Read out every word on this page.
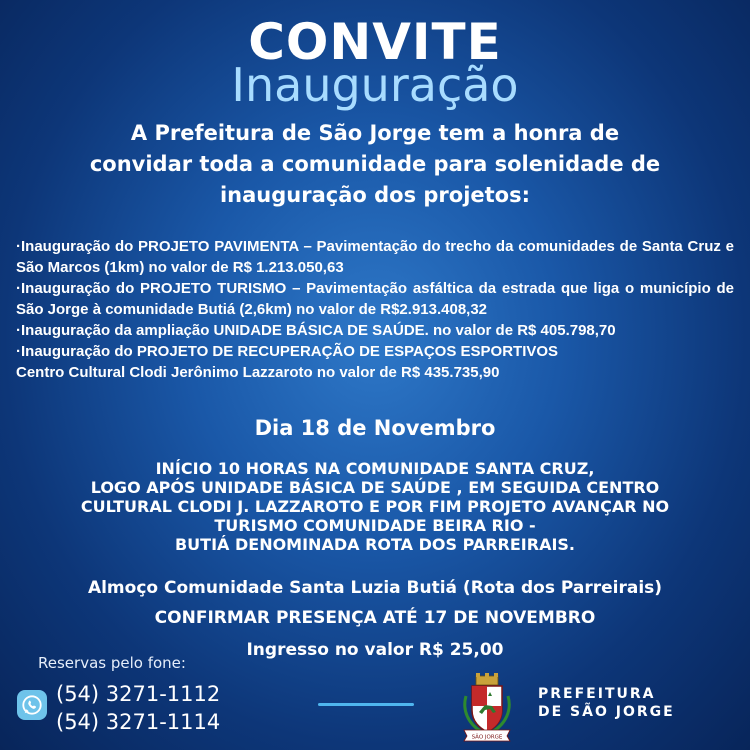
CONVITE
Inauguração
A Prefeitura de São Jorge tem a honra de
convidar toda a comunidade para solenidade de
inauguração dos projetos:

·Inauguração do PROJETO PAVIMENTA – Pavimentação do trecho da comunidades de Santa Cruz e São Marcos (1km) no valor de R$ 1.213.050,63

·Inauguração do PROJETO TURISMO – Pavimentação asfáltica da estrada que liga o município de São Jorge à comunidade Butiá (2,6km) no valor de R$2.913.408,32

·Inauguração da ampliação UNIDADE BÁSICA DE SAÚDE. no valor de R$ 405.798,70

·Inauguração do PROJETO DE RECUPERAÇÃO DE ESPAÇOS ESPORTIVOS

Centro Cultural Clodi Jerônimo Lazzaroto no valor de R$ 435.735,90

Dia 18 de Novembro
INÍCIO 10 HORAS NA COMUNIDADE SANTA CRUZ,
LOGO APÓS UNIDADE BÁSICA DE SAÚDE , EM SEGUIDA CENTRO
CULTURAL CLODI J. LAZZAROTO E POR FIM PROJETO AVANÇAR NO
TURISMO COMUNIDADE BEIRA RIO -
BUTIÁ DENOMINADA ROTA DOS PARREIRAIS.
Almoço Comunidade Santa Luzia Butiá (Rota dos Parreirais)
CONFIRMAR PRESENÇA ATÉ 17 DE NOVEMBRO
Ingresso no valor R$ 25,00
Reservas pelo fone:
(54) 3271-1112
(54) 3271-1114
SÃO JORGE
PREFEITURA
DE SÃO JORGE
